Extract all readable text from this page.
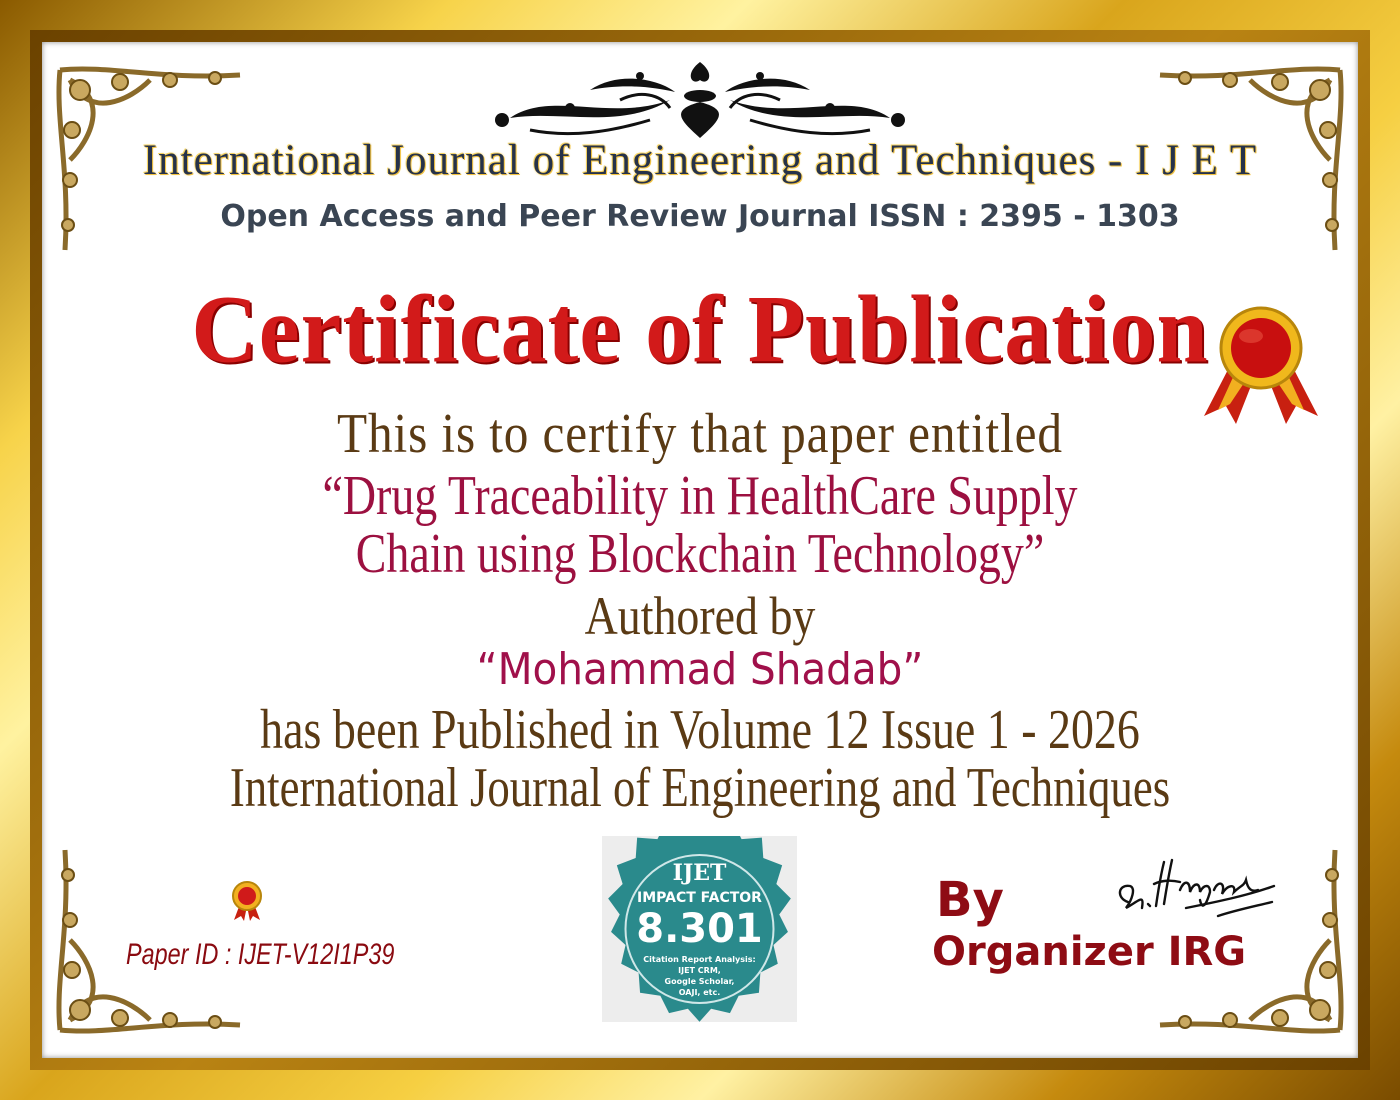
International Journal of Engineering and Techniques - I J E T
Open Access and Peer Review Journal ISSN : 2395 - 1303
Certificate of Publication
This is to certify that paper entitled
“Drug Traceability in HealthCare Supply
Chain using Blockchain Technology”
Authored by
“Mohammad Shadab”
has been Published in Volume 12 Issue 1 - 2026
International Journal of Engineering and Techniques
Paper ID : IJET-V12I1P39
IJET
IMPACT FACTOR
8.301
Citation Report Analysis:
IJET CRM,
Google Scholar,
OAJI, etc.
By
Organizer IRG
